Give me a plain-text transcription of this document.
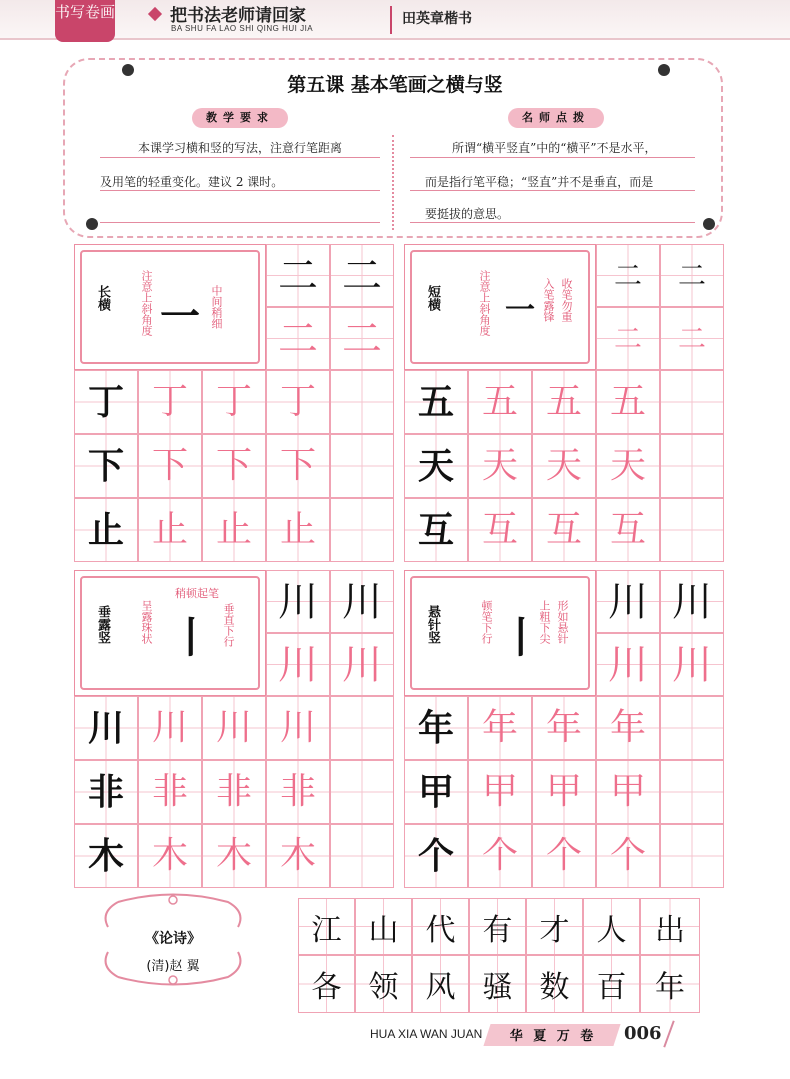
书写卷画	把书法老师请回家
BA SHU FA LAO SHI QING HUI JIA
田英章楷书
第五课 基本笔画之横与竖
教学要求	名师点拨
本课学习横和竖的写法，注意行笔距离
及用笔的轻重变化。建议 2 课时。
所谓“横平竖直”中的“横平”不是水平，
而是指行笔平稳；“竖直”并不是垂直，而是
要挺拔的意思。
长横	注意上斜角度	中间稍细
一
二 二
二 二
丁 丁 丁 丁
下 下 下 下
止 止 止 止
短横	注意上斜角度	入笔露锋 收笔勿重
一
二	二
二	二
五 五 五 五
天 天 天 天
互 互 互 互
垂露竖
稍顿起笔
呈露珠状	垂直下行
丨
川 川
川 川
川 川 川 川
非 非 非 非
木 木 木 木
悬针竖	顿笔下行	上粗下尖 形如悬针
丨
川 川
川 川
年 年 年 年
甲 甲 甲 甲
个 个 个 个
《论诗》
(清)赵 翼
江 山 代 有 才 人 出
各 领 风 骚 数 百 年
HUA XIA WAN JUAN	华 夏 万 卷	006
